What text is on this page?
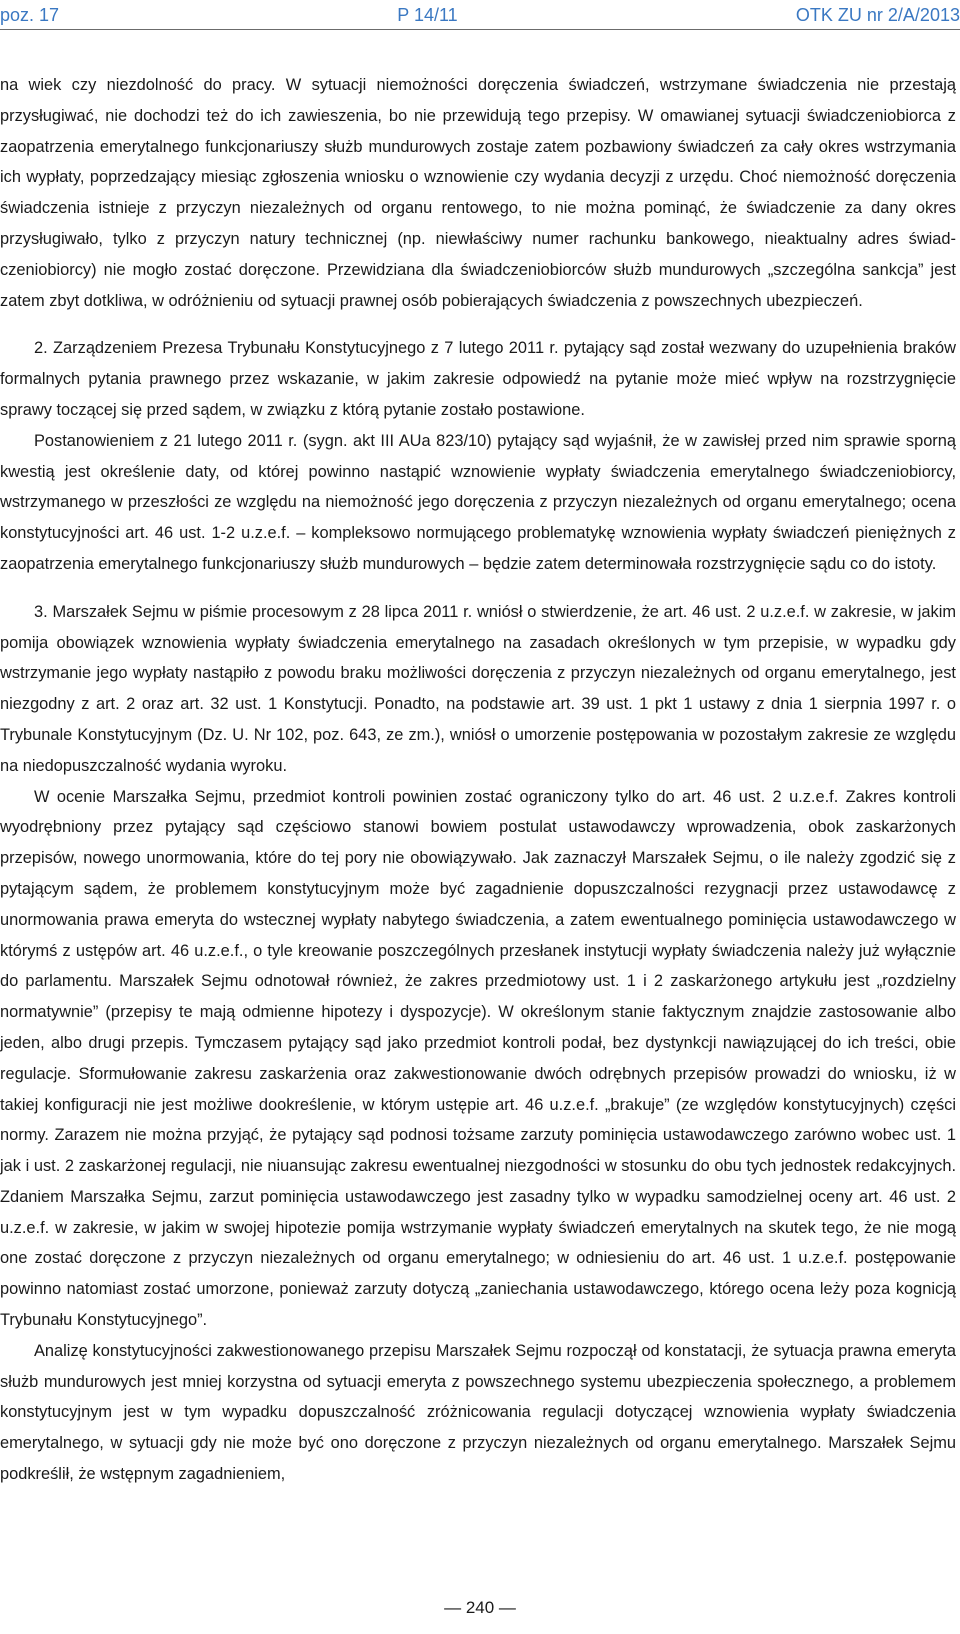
poz. 17	P 14/11	OTK ZU nr 2/A/2013

na wiek czy niezdolność do pracy. W sytuacji niemożności doręczenia świadczeń, wstrzymane świadczenia nie przestają przysługiwać, nie dochodzi też do ich zawieszenia, bo nie przewidują tego przepisy. W omawianej sytuacji świadczeniobiorca z zaopatrzenia emerytalnego funkcjonariuszy służb mundurowych zostaje zatem pozbawiony świadczeń za cały okres wstrzymania ich wypłaty, poprzedzający miesiąc zgłoszenia wniosku o wznowienie czy wydania decyzji z urzędu. Choć niemożność doręczenia świadczenia istnieje z przyczyn niezależnych od organu rentowego, to nie można pominąć, że świadczenie za dany okres przysługiwało, tylko z przyczyn natury technicznej (np. niewłaściwy numer rachunku bankowego, nieaktualny adres świadczeniobiorcy) nie mogło zostać doręczone. Przewidziana dla świadczeniobiorców służb mundurowych „szczególna sankcja” jest zatem zbyt dotkliwa, w odróżnieniu od sytuacji prawnej osób pobierających świadczenia z powszechnych ubezpieczeń.

2. Zarządzeniem Prezesa Trybunału Konstytucyjnego z 7 lutego 2011 r. pytający sąd został wezwany do uzupełnienia braków formalnych pytania prawnego przez wskazanie, w jakim zakresie odpowiedź na pytanie może mieć wpływ na rozstrzygnięcie sprawy toczącej się przed sądem, w związku z którą pytanie zostało postawione.

Postanowieniem z 21 lutego 2011 r. (sygn. akt III AUa 823/10) pytający sąd wyjaśnił, że w zawisłej przed nim sprawie sporną kwestią jest określenie daty, od której powinno nastąpić wznowienie wypłaty świadczenia emerytalnego świadczeniobiorcy, wstrzymanego w przeszłości ze względu na niemożność jego doręczenia z przyczyn niezależnych od organu emerytalnego; ocena konstytucyjności art. 46 ust. 1-2 u.z.e.f. – kompleksowo normującego problematykę wznowienia wypłaty świadczeń pieniężnych z zaopatrzenia emerytalnego funkcjonariuszy służb mundurowych – będzie zatem determinowała rozstrzygnięcie sądu co do istoty.

3. Marszałek Sejmu w piśmie procesowym z 28 lipca 2011 r. wniósł o stwierdzenie, że art. 46 ust. 2 u.z.e.f. w zakresie, w jakim pomija obowiązek wznowienia wypłaty świadczenia emerytalnego na zasadach określonych w tym przepisie, w wypadku gdy wstrzymanie jego wypłaty nastąpiło z powodu braku możliwości doręczenia z przyczyn niezależnych od organu emerytalnego, jest niezgodny z art. 2 oraz art. 32 ust. 1 Konstytucji. Ponadto, na podstawie art. 39 ust. 1 pkt 1 ustawy z dnia 1 sierpnia 1997 r. o Trybunale Konstytucyjnym (Dz. U. Nr 102, poz. 643, ze zm.), wniósł o umorzenie postępowania w pozostałym zakresie ze względu na niedopuszczalność wydania wyroku.

W ocenie Marszałka Sejmu, przedmiot kontroli powinien zostać ograniczony tylko do art. 46 ust. 2 u.z.e.f. Zakres kontroli wyodrębniony przez pytający sąd częściowo stanowi bowiem postulat ustawodawczy wprowadzenia, obok zaskarżonych przepisów, nowego unormowania, które do tej pory nie obowiązywało. Jak zaznaczył Marszałek Sejmu, o ile należy zgodzić się z pytającym sądem, że problemem konstytucyjnym może być zagadnienie dopuszczalności rezygnacji przez ustawodawcę z unormowania prawa emeryta do wstecznej wypłaty nabytego świadczenia, a zatem ewentualnego pominięcia ustawodawczego w którymś z ustępów art. 46 u.z.e.f., o tyle kreowanie poszczególnych przesłanek instytucji wypłaty świadczenia należy już wyłącznie do parlamentu. Marszałek Sejmu odnotował również, że zakres przedmiotowy ust. 1 i 2 zaskarżonego artykułu jest „rozdzielny normatywnie” (przepisy te mają odmienne hipotezy i dyspozycje). W określonym stanie faktycznym znajdzie zastosowanie albo jeden, albo drugi przepis. Tymczasem pytający sąd jako przedmiot kontroli podał, bez dystynkcji nawiązującej do ich treści, obie regulacje. Sformułowanie zakresu zaskarżenia oraz zakwestionowanie dwóch odrębnych przepisów prowadzi do wniosku, iż w takiej konfiguracji nie jest możliwe dookreślenie, w którym ustępie art. 46 u.z.e.f. „brakuje” (ze względów konstytucyjnych) części normy. Zarazem nie można przyjąć, że pytający sąd podnosi tożsame zarzuty pominięcia ustawodawczego zarówno wobec ust. 1 jak i ust. 2 zaskarżonej regulacji, nie niuansując zakresu ewentualnej niezgodności w stosunku do obu tych jednostek redakcyjnych. Zdaniem Marszałka Sejmu, zarzut pominięcia ustawodawczego jest zasadny tylko w wypadku samodzielnej oceny art. 46 ust. 2 u.z.e.f. w zakresie, w jakim w swojej hipotezie pomija wstrzymanie wypłaty świadczeń emerytalnych na skutek tego, że nie mogą one zostać doręczone z przyczyn niezależnych od organu emerytalnego; w odniesieniu do art. 46 ust. 1 u.z.e.f. postępowanie powinno natomiast zostać umorzone, ponieważ zarzuty dotyczą „zaniechania ustawodawczego, którego ocena leży poza kognicją Trybunału Konstytucyjnego”.

Analizę konstytucyjności zakwestionowanego przepisu Marszałek Sejmu rozpoczął od konstatacji, że sytuacja prawna emeryta służb mundurowych jest mniej korzystna od sytuacji emeryta z powszechnego systemu ubezpieczenia społecznego, a problemem konstytucyjnym jest w tym wypadku dopuszczalność zróżnicowania regulacji dotyczącej wznowienia wypłaty świadczenia emerytalnego, w sytuacji gdy nie może być ono doręczone z przyczyn niezależnych od organu emerytalnego. Marszałek Sejmu podkreślił, że wstępnym zagadnieniem,

— 240 —
